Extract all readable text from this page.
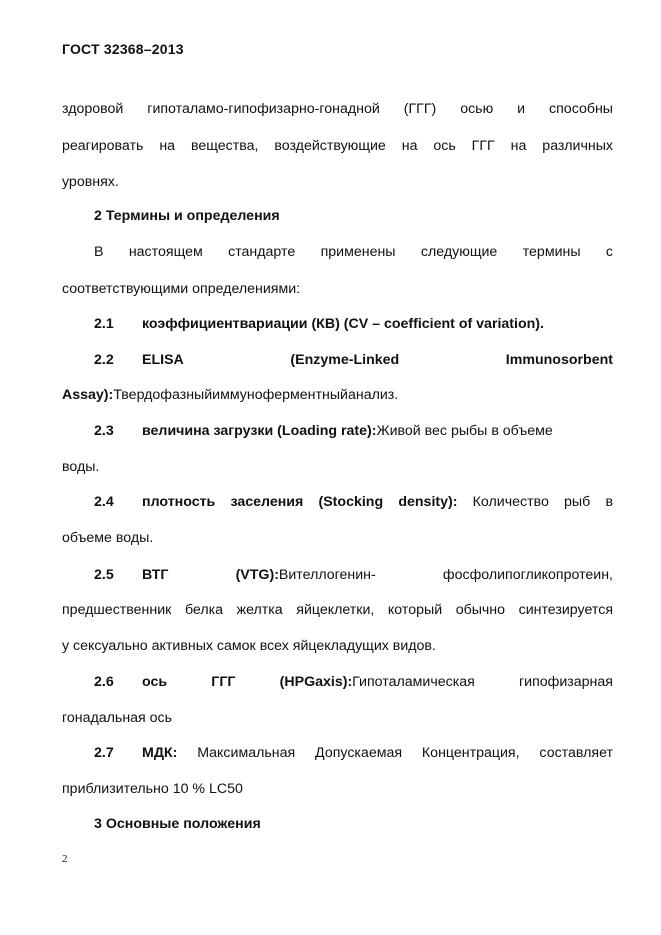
ГОСТ 32368–2013
здоровой гипоталамо-гипофизарно-гонадной (ГГГ) осью и способны
реагировать на вещества, воздействующие на ось ГГГ на различных
уровнях.
2 Термины и определения
В настоящем стандарте применены следующие термины с
соответствующими определениями:
2.1 коэффициентвариации (КВ) (CV – coefficient of variation).
2.2 ELISA	(Enzyme-Linked	Immunosorbent
Assay):Твердофазныйиммуноферментныйанализ.
2.3 величина загрузки (Loading rate):Живой вес рыбы в объеме
воды.
2.4 плотность заселения (Stocking density): Количество рыб в
объеме воды.
2.5 ВТГ	(VTG):Вителлогенин-	фосфолипогликопротеин,
предшественник белка желтка яйцеклетки, который обычно синтезируется
у сексуально активных самок всех яйцекладущих видов.
2.6 ось	ГГГ	(HPGaxis):Гипоталамическая	гипофизарная
гонадальная ось
2.7 МДК: Максимальная Допускаемая Концентрация, составляет
приблизительно 10 % LC50
3 Основные положения
2
